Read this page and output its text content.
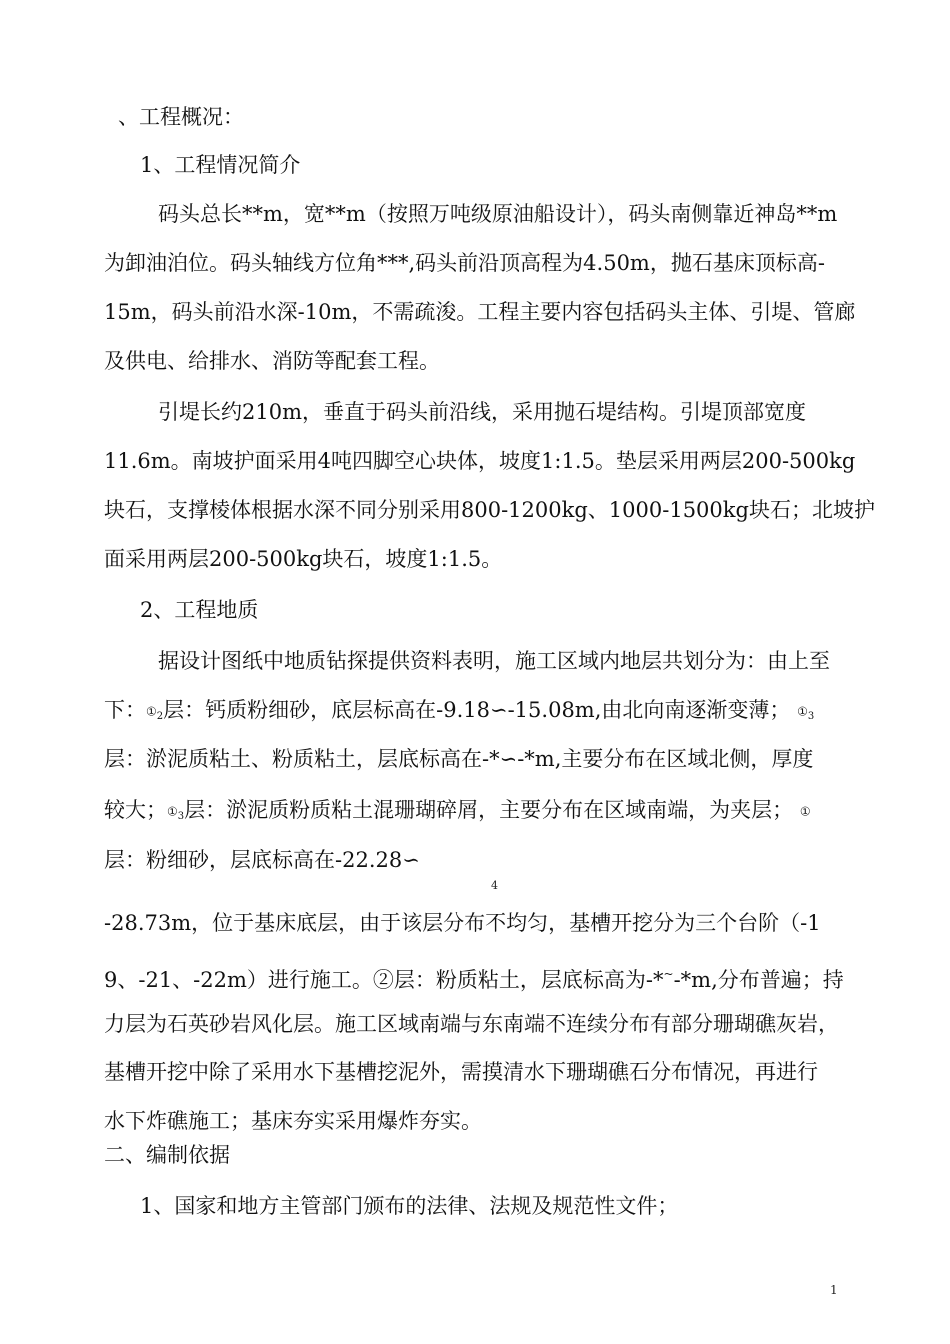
、工程概况：

1、工程情况简介

码头总长**m，宽**m（按照万吨级原油船设计），码头南侧靠近神岛**m

为卸油泊位。码头轴线方位角***,码头前沿顶高程为4.50m，抛石基床顶标高-

15m，码头前沿水深-10m，不需疏浚。工程主要内容包括码头主体、引堤、管廊

及供电、给排水、消防等配套工程。

引堤长约210m，垂直于码头前沿线，采用抛石堤结构。引堤顶部宽度

11.6m。南坡护面采用4吨四脚空心块体，坡度1:1.5。垫层采用两层200-500kg

块石，支撑棱体根据水深不同分别采用800-1200kg、1000-1500kg块石；北坡护

面采用两层200-500kg块石，坡度1:1.5。

2、工程地质

据设计图纸中地质钻探提供资料表明，施工区域内地层共划分为：由上至

下：$①_2$层：钙质粉细砂，底层标高在-9.18∽-15.08m,由北向南逐渐变薄； $①_3$

层：淤泥质粘土、粉质粘土，层底标高在-*∽-*m,主要分布在区域北侧，厚度

较大；$①_3$层：淤泥质粉质粘土混珊瑚碎屑，主要分布在区域南端，为夹层； ①

层：粉细砂，层底标高在-22.28∽

4

-28.73m，位于基床底层，由于该层分布不均匀，基槽开挖分为三个台阶（-1

9、-21、-22m）进行施工。②层：粉质粘土，层底标高为-*~-*m,分布普遍；持

力层为石英砂岩风化层。施工区域南端与东南端不连续分布有部分珊瑚礁灰岩，

基槽开挖中除了采用水下基槽挖泥外，需摸清水下珊瑚礁石分布情况，再进行

水下炸礁施工；基床夯实采用爆炸夯实。

二、编制依据

1、国家和地方主管部门颁布的法律、法规及规范性文件；

1
